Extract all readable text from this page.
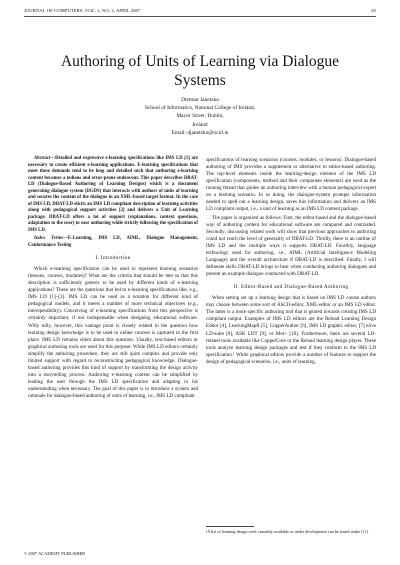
JOURNAL OF COMPUTERS, VOL. 2, NO. 2, APRIL 2007	45
Authoring of Units of Learning via Dialogue Systems
Dietmar Janetzko
School of Informatics, National College of Ireland,
Mayor Street, Dublin,
Ireland
Email: djanetzko@ncirl.ie

Abstract—Detailed and expressive e-learning specifications like IMS LD [1] are necessary to create efficient e-learning applications. E-learning specifications that meet these demands tend to be long and detailed such that authoring e-learning content becomes a tedious and error-prone endeavour. This paper describes DBAT-LD (Dialogue-Based Authoring of Learning Designs) which is a document generating dialogue system (DGDS) that interacts with authors of units of learning and secures the content of the dialogue in an XML-based target format. In the case of IMS LD, DBAT-LD elicits an IMS LD compliant description of learning activities along with pedagogical support activities [2] and delivers a Unit of Learning package. DBAT-LD offers a lot of support (explanations, context questions, adaptation to the user) to ease authoring while strictly following the specification of IMS LD.

Index Terms—E-Learning, IMS LD, AIML, Dialogue Management, Conformance Testing

I. Introduction

Which e-learning specification can be used to represent learning scenarios (lessons, courses, modules)? What are the criteria that should be met so that this description is sufficiently generic to be used by different kinds of e-learning applications? These are the questions that led to e-learning specifications like, e.g., IMS LD [1]–[3]. IMS LD can be used as a notation for different kind of pedagogical models, and it meets a number of more technical objectives (e.g., interoperability). Conceiving of e-learning specifications from this perspective is certainly important, if not indispensable when designing educational software. Willy nilly, however, this vantage point is closely related to the question how learning design knowledge is to be used in online courses is captured in the first place. IMS LD remains silent about this question. Usually, text-based editors or graphical authoring tools are used for this purpose. While IMS LD editors certainly simplify the authoring procedure, they are still quite complex and provide only limited support with regard to reconstructing pedagogical knowledge. Dialogue-based authoring provides this kind of support by transforming the design activity into a storytelling process. Authoring e-learning content can be simplified by leading the user through the IMS LD specification and adapting to his understanding when necessary. The goal of this paper is to introduce a system and rationale for dialogue-based authoring of units of learning, i.e., IMS LD compliant

specifications of learning scenarios (courses, modules, or lessons). Dialogue-based authoring of IMS provides a supplement or alternative to editor-based authoring. The top-level elements inside the learning-design element of the IMS LD specification (components, method and their component elements) are used as the running thread that guides an authoring interview with a human pedagogical expert on a learning scenario. In so doing, the dialogue-system prompts information needed to spell out a learning design, saves this information and delivers an IMS LD compliant output, i.e., a unit of learning as an IMS LD content package.

The paper is organized as follows: First, the editor-based and the dialogue-based way of authoring content for educational software are compared and contrasted. Secondly, discussing related work will show that previous approaches to authoring could not reach the level of generality of DBAT-LD. Thirdly, there is an outline of IMS LD and the multiple ways it supports DBAT-LD. Fourthly, language technology used for authoring, i.e., AIML (Artificial Intelligence Modeling Language) and the overall architecture if DBAT-LD is described. Finally, I will delineate skills DBAT-LD brings to bear when conducting authoring dialogues and present an example dialogue conducted with DBAT-LD.

II. Editor-Based and Dialogue-Based Authoring

When setting set up a learning design that is based on IMS LD course authors may choose between some sort of ASCII-editor, XML-editor or an IMS LD editor. The latter is a more specific authoring tool that is geared towards creating IMS LD compliant output. Examples of IMS LD editors are the Reload Learning Design Editor [4], LearningMapR [5], CopperAuthor [6], IMS LD graphic editor, [7] elive LD-suite [8], ASK LDT [9], or Mot+ [10]. Furthermore, there are several LD-related tools available like CopperCore or the Reload learning design player. These tools analyze learning design packages and test if they conform to the IMS LD specification.¹ While graphical editors provide a number of features to support the design of pedagogical scenarios, i.e., units of learning,

¹A list of learning design tools currently available or under development can be found under [11].
© 2007 ACADEMY PUBLISHER
